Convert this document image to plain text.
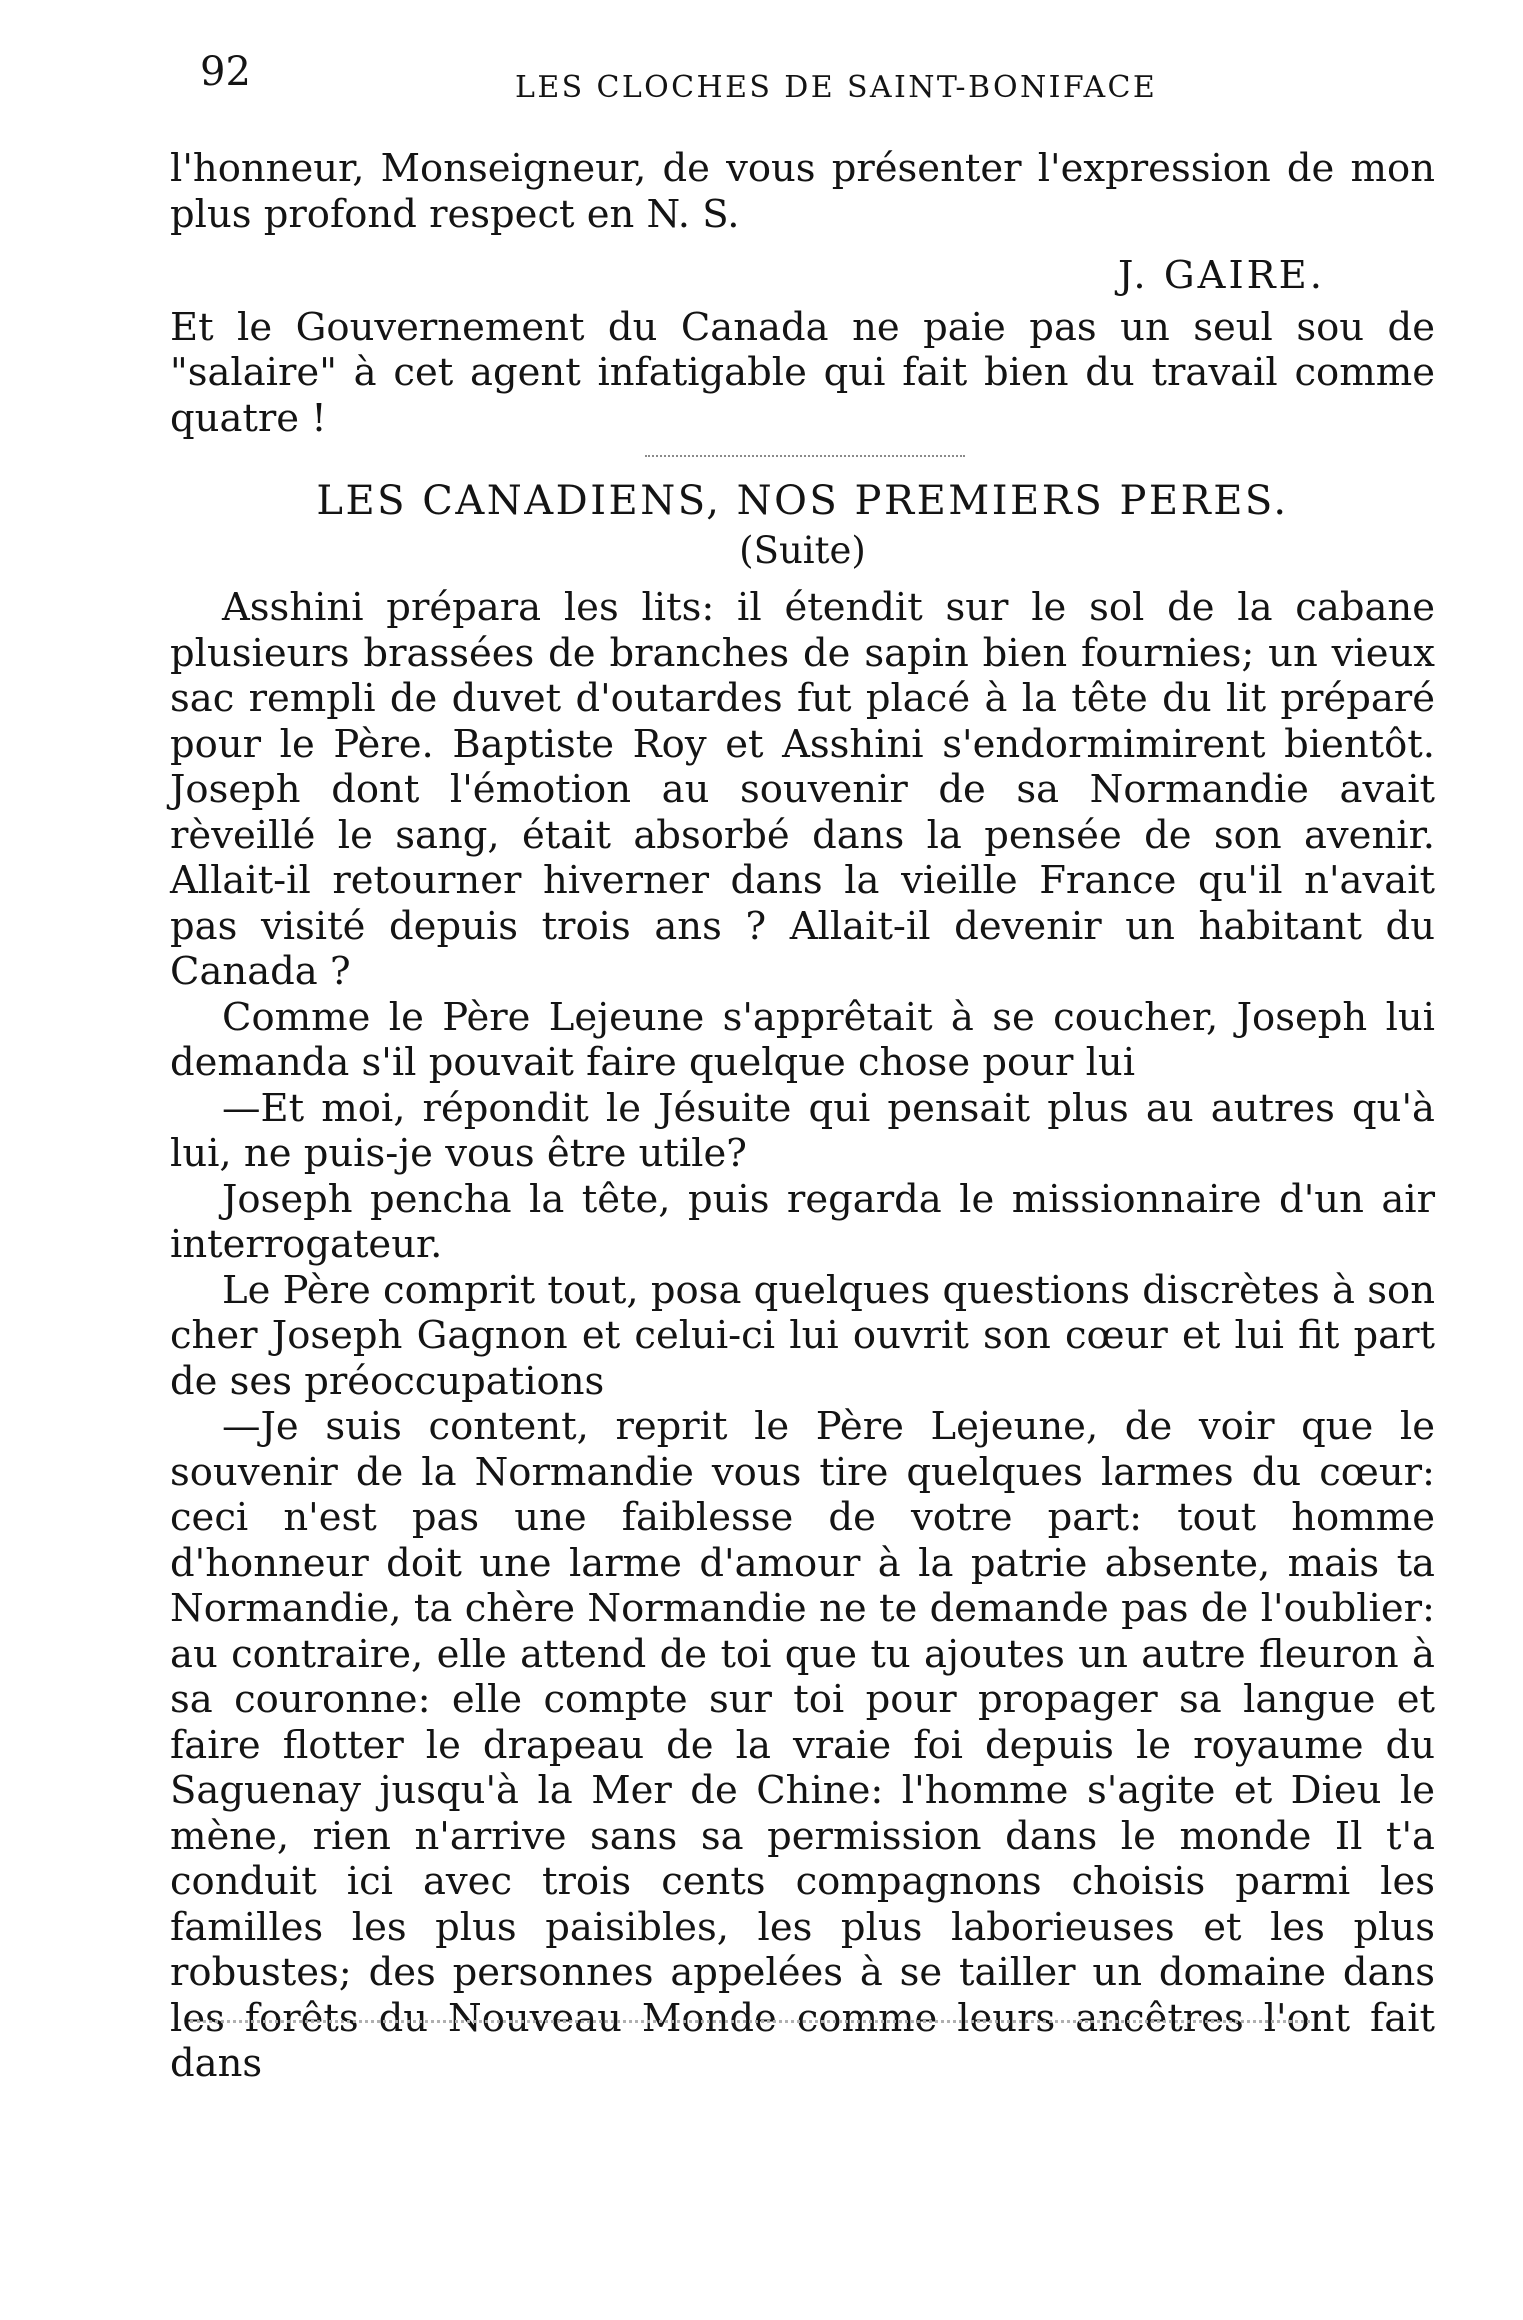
92	LES CLOCHES DE SAINT-BONIFACE

l'honneur, Monseigneur, de vous présenter l'expression de mon plus profond respect en N. S.

J. GAIRE.

Et le Gouvernement du Canada ne paie pas un seul sou de "salaire" à cet agent infatigable qui fait bien du travail comme quatre !

LES CANADIENS, NOS PREMIERS PERES.

(Suite)

Asshini prépara les lits: il étendit sur le sol de la cabane plusieurs brassées de branches de sapin bien fournies; un vieux sac rempli de duvet d'outardes fut placé à la tête du lit préparé pour le Père. Baptiste Roy et Asshini s'endormimirent bientôt. Joseph dont l'émotion au souvenir de sa Normandie avait rèveillé le sang, était absorbé dans la pensée de son avenir. Allait-il retourner hiverner dans la vieille France qu'il n'avait pas visité depuis trois ans ? Allait-il devenir un habitant du Canada ?

Comme le Père Lejeune s'apprêtait à se coucher, Joseph lui demanda s'il pouvait faire quelque chose pour lui

—Et moi, répondit le Jésuite qui pensait plus au autres qu'à lui, ne puis-je vous être utile?

Joseph pencha la tête, puis regarda le missionnaire d'un air interrogateur.

Le Père comprit tout, posa quelques questions discrètes à son cher Joseph Gagnon et celui-ci lui ouvrit son cœur et lui fit part de ses préoccupations

—Je suis content, reprit le Père Lejeune, de voir que le souvenir de la Normandie vous tire quelques larmes du cœur: ceci n'est pas une faiblesse de votre part: tout homme d'honneur doit une larme d'amour à la patrie absente, mais ta Normandie, ta chère Normandie ne te demande pas de l'oublier: au contraire, elle attend de toi que tu ajoutes un autre fleuron à sa couronne: elle compte sur toi pour propager sa langue et faire flotter le drapeau de la vraie foi depuis le royaume du Saguenay jusqu'à la Mer de Chine: l'homme s'agite et Dieu le mène, rien n'arrive sans sa permission dans le monde Il t'a conduit ici avec trois cents compagnons choisis parmi les familles les plus paisibles, les plus laborieuses et les plus robustes; des personnes appelées à se tailler un domaine dans les forêts du Nouveau Monde comme leurs ancêtres l'ont fait dans
